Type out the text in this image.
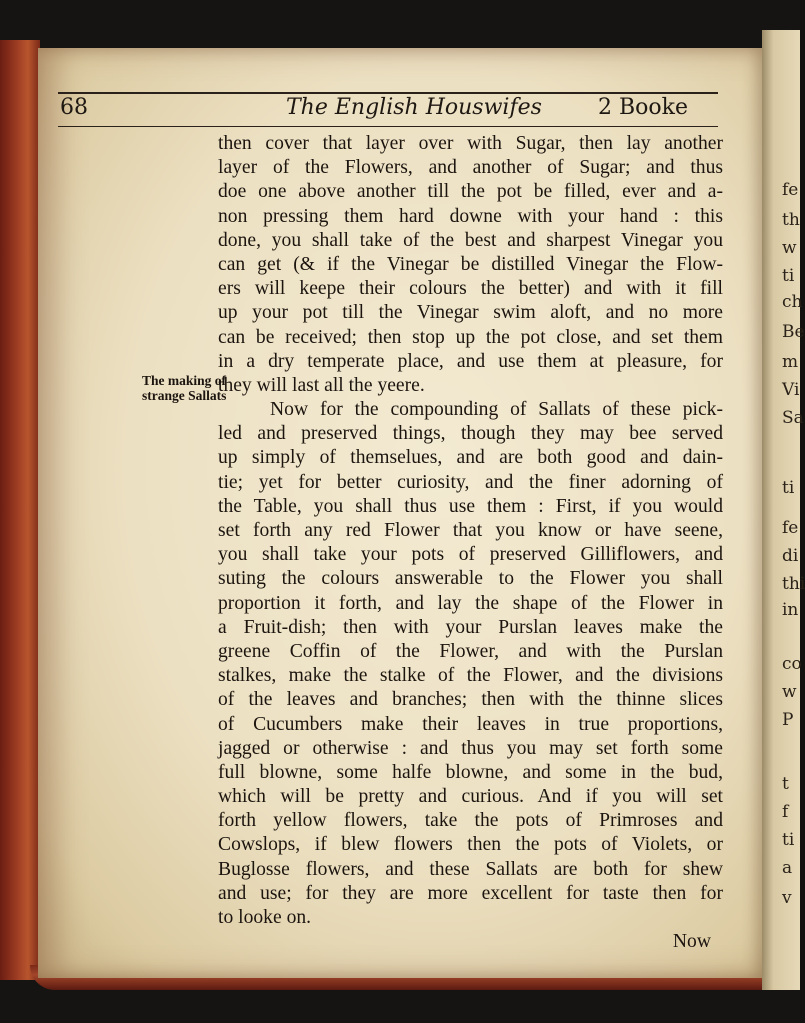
fe
th
w
ti
ch
Be
m
Vi
Sa
ti
fe
di
thi
in
co
w
P
t
f
ti
a
v
68	The English Houswifes	2 Booke
The making of
strange Sallats
then cover that layer over with Sugar, then lay another
layer of the Flowers, and another of Sugar; and thus
doe one above another till the pot be filled, ever and a-
non pressing them hard downe with your hand : this
done, you shall take of the best and sharpest Vinegar you
can get (& if the Vinegar be distilled Vinegar the Flow-
ers will keepe their colours the better) and with it fill
up your pot till the Vinegar swim aloft, and no more
can be received; then stop up the pot close, and set them
in a dry temperate place, and use them at pleasure, for
they will last all the yeere.
Now for the compounding of Sallats of these pick-
led and preserved things, though they may bee served
up simply of themselues, and are both good and dain-
tie; yet for better curiosity, and the finer adorning of
the Table, you shall thus use them : First, if you would
set forth any red Flower that you know or have seene,
you shall take your pots of preserved Gilliflowers, and
suting the colours answerable to the Flower you shall
proportion it forth, and lay the shape of the Flower in
a Fruit-dish; then with your Purslan leaves make the
greene Coffin of the Flower, and with the Purslan
stalkes, make the stalke of the Flower, and the divisions
of the leaves and branches; then with the thinne slices
of Cucumbers make their leaves in true proportions,
jagged or otherwise : and thus you may set forth some
full blowne, some halfe blowne, and some in the bud,
which will be pretty and curious. And if you will set
forth yellow flowers, take the pots of Primroses and
Cowslops, if blew flowers then the pots of Violets, or
Buglosse flowers, and these Sallats are both for shew
and use; for they are more excellent for taste then for
to looke on.
Now
